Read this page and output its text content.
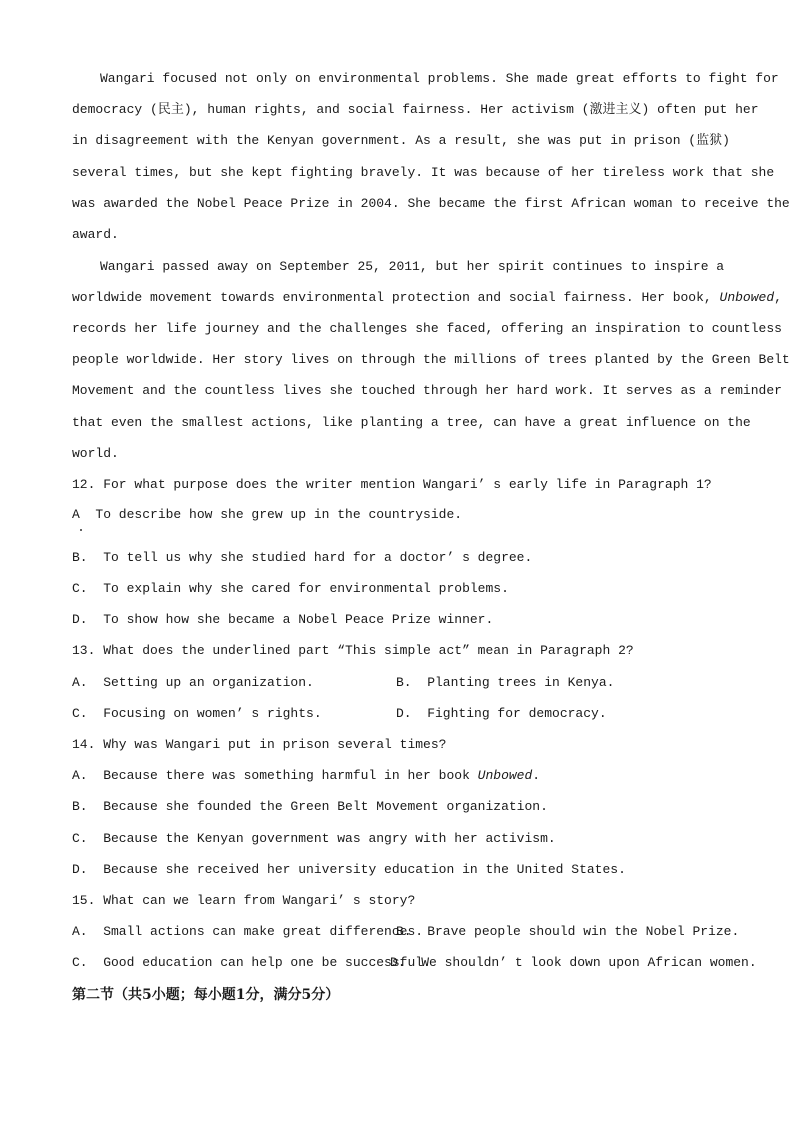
Wangari focused not only on environmental problems. She made great efforts to fight for
democracy (民主), human rights, and social fairness. Her activism (激进主义) often put her
in disagreement with the Kenyan government. As a result, she was put in prison (监狱)
several times, but she kept fighting bravely. It was because of her tireless work that she
was awarded the Nobel Peace Prize in 2004. She became the first African woman to receive the
award.
Wangari passed away on September 25, 2011, but her spirit continues to inspire a
worldwide movement towards environmental protection and social fairness. Her book, Unbowed,
records her life journey and the challenges she faced, offering an inspiration to countless
people worldwide. Her story lives on through the millions of trees planted by the Green Belt
Movement and the countless lives she touched through her hard work. It serves as a reminder
that even the smallest actions, like planting a tree, can have a great influence on the
world.
12. For what purpose does the writer mention Wangari’ s early life in Paragraph 1?
A  To describe how she grew up in the countryside.
B.  To tell us why she studied hard for a doctor’ s degree.
C.  To explain why she cared for environmental problems.
D.  To show how she became a Nobel Peace Prize winner.
13. What does the underlined part “This simple act” mean in Paragraph 2?
A.  Setting up an organization.	B.  Planting trees in Kenya.
C.  Focusing on women’ s rights.	D.  Fighting for democracy.
14. Why was Wangari put in prison several times?
A.  Because there was something harmful in her book Unbowed.
B.  Because she founded the Green Belt Movement organization.
C.  Because the Kenyan government was angry with her activism.
D.  Because she received her university education in the United States.
15. What can we learn from Wangari’ s story?
A.  Small actions can make great differences.
B.  Brave people should win the Nobel Prize.
C.  Good education can help one be successful.
D.  We shouldn’ t look down upon African women.
第二节（共5小题；每小题1分，满分5分）
